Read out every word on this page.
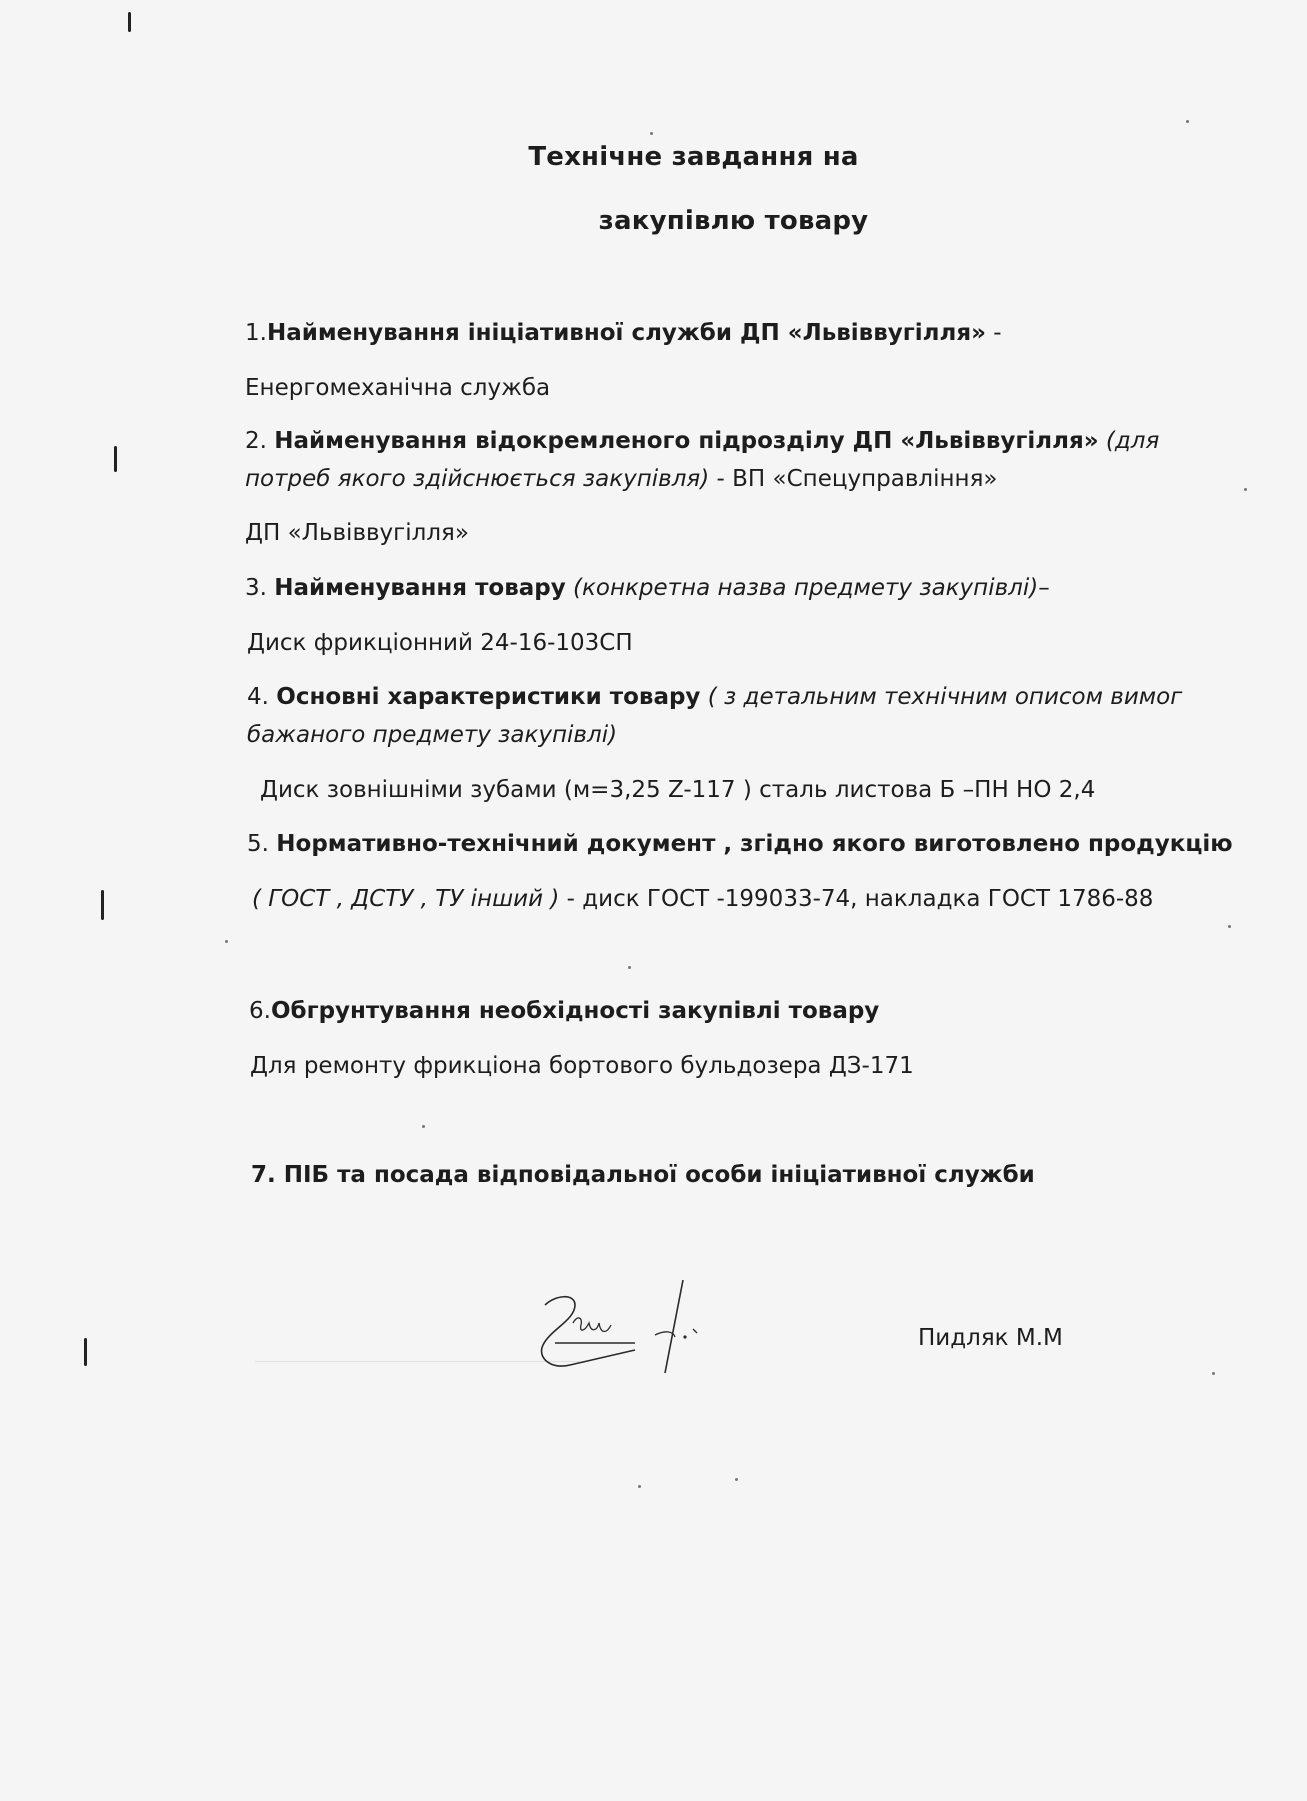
Технічне завдання на
закупівлю товару
1.Найменування ініціативної служби ДП «Львіввугілля» -
Енергомеханічна служба
2. Найменування відокремленого підрозділу ДП «Львіввугілля» (для
потреб якого здійснюється закупівля) - ВП «Спецуправління»
ДП «Львіввугілля»
3. Найменування товару (конкретна назва предмету закупівлі)–
Диск фрикціонний 24-16-103СП
4. Основні характеристики товару ( з детальним технічним описом вимог
бажаного предмету закупівлі)
Диск зовнішніми зубами (м=3,25 Z-117 ) сталь листова Б –ПН НО 2,4
5. Нормативно-технічний документ , згідно якого виготовлено продукцію
( ГОСТ , ДСТУ , ТУ інший ) - диск ГОСТ -199033-74, накладка ГОСТ 1786-88
6.Обгрунтування необхідності закупівлі товару
Для ремонту фрикціона бортового бульдозера ДЗ-171
7. ПІБ та посада відповідальної особи ініціативної служби
Пидляк М.М
